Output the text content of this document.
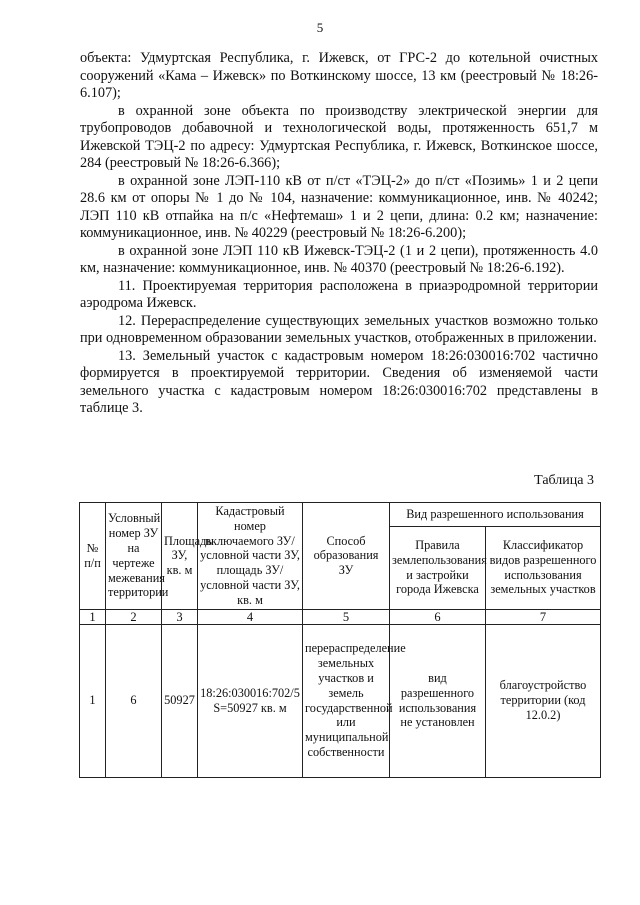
5

объекта: Удмуртская Республика, г. Ижевск, от ГРС-2 до котельной очистных сооружений «Кама – Ижевск» по Воткинскому шоссе, 13 км (реестровый № 18:26-6.107);

в охранной зоне объекта по производству электрической энергии для трубопроводов добавочной и технологической воды, протяженность 651,7 м Ижевской ТЭЦ-2 по адресу: Удмуртская Республика, г. Ижевск, Воткинское шоссе, 284 (реестровый № 18:26-6.366);

в охранной зоне ЛЭП-110 кВ от п/ст «ТЭЦ-2» до п/ст «Позимь» 1 и 2 цепи 28.6 км от опоры № 1 до № 104, назначение: коммуникационное, инв. № 40242; ЛЭП 110 кВ отпайка на п/с «Нефтемаш» 1 и 2 цепи, длина: 0.2 км; назначение: коммуникационное, инв. № 40229 (реестровый № 18:26-6.200);

в охранной зоне ЛЭП 110 кВ Ижевск-ТЭЦ-2 (1 и 2 цепи), протяженность 4.0 км, назначение: коммуникационное, инв. № 40370 (реестровый № 18:26-6.192).

11. Проектируемая территория расположена в приаэродромной территории аэродрома Ижевск.

12. Перераспределение существующих земельных участков возможно только при одновременном образовании земельных участков, отображенных в приложении.

13. Земельный участок с кадастровым номером 18:26:030016:702 частично формируется в проектируемой территории. Сведения об изменяемой части земельного участка с кадастровым номером 18:26:030016:702 представлены в таблице 3.

Таблица 3
№ п/п	Условный номер ЗУ на чертеже межевания территории	Площадь ЗУ, кв. м	Кадастровый номер включаемого ЗУ/условной части ЗУ, площадь ЗУ/ условной части ЗУ, кв. м	Способ образования ЗУ	Вид разрешенного использования	
					Правила землепользования и застройки города Ижевска	Классификатор видов разрешенного использования земельных участков
1	2	3	4	5	6	7
1	6	50927	18:26:030016:702/5 S=50927 кв. м	перераспределение земельных участков и земель государственной или муниципальной собственности	вид разрешенного использования не установлен	благоустройство территории (код 12.0.2)
